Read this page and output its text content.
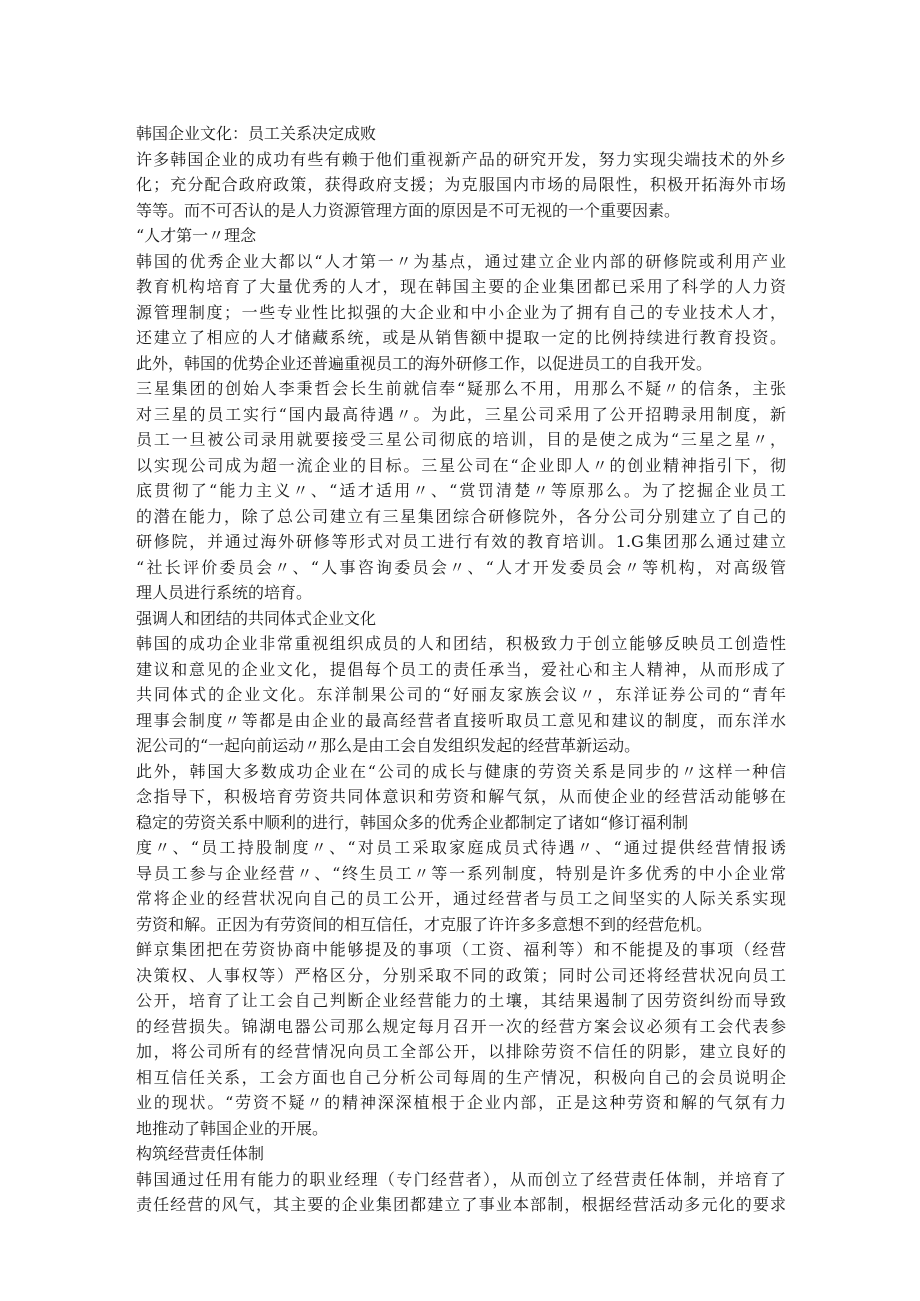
韩国企业文化：员工关系决定成败
许多韩国企业的成功有些有赖于他们重视新产品的研究开发，努力实现尖端技术的外乡
化；充分配合政府政策，获得政府支援；为克服国内市场的局限性，积极开拓海外市场
等等。而不可否认的是人力资源管理方面的原因是不可无视的一个重要因素。
“人才第一〃理念
韩国的优秀企业大都以“人才第一〃为基点，通过建立企业内部的研修院或利用产业
教育机构培育了大量优秀的人才，现在韩国主要的企业集团都已采用了科学的人力资
源管理制度；一些专业性比拟强的大企业和中小企业为了拥有自己的专业技术人才，
还建立了相应的人才储藏系统，或是从销售额中提取一定的比例持续进行教育投资。
此外，韩国的优势企业还普遍重视员工的海外研修工作，以促进员工的自我开发。
三星集团的创始人李秉哲会长生前就信奉“疑那么不用，用那么不疑〃的信条，主张
对三星的员工实行“国内最高待遇〃。为此，三星公司采用了公开招聘录用制度，新
员工一旦被公司录用就要接受三星公司彻底的培训，目的是使之成为“三星之星〃，
以实现公司成为超一流企业的目标。三星公司在“企业即人〃的创业精神指引下，彻
底贯彻了“能力主义〃、“适才适用〃、“赏罚清楚〃等原那么。为了挖掘企业员工
的潜在能力，除了总公司建立有三星集团综合研修院外，各分公司分别建立了自己的
研修院，并通过海外研修等形式对员工进行有效的教育培训。1.G集团那么通过建立
“社长评价委员会〃、“人事咨询委员会〃、“人才开发委员会〃等机构，对高级管
理人员进行系统的培育。
强调人和团结的共同体式企业文化
韩国的成功企业非常重视组织成员的人和团结，积极致力于创立能够反映员工创造性
建议和意见的企业文化，提倡每个员工的责任承当，爱社心和主人精神，从而形成了
共同体式的企业文化。东洋制果公司的“好丽友家族会议〃，东洋证券公司的“青年
理事会制度〃等都是由企业的最高经营者直接听取员工意见和建议的制度，而东洋水
泥公司的“一起向前运动〃那么是由工会自发组织发起的经营革新运动。
此外，韩国大多数成功企业在“公司的成长与健康的劳资关系是同步的〃这样一种信
念指导下，积极培育劳资共同体意识和劳资和解气氛，从而使企业的经营活动能够在
稳定的劳资关系中顺利的进行，韩国众多的优秀企业都制定了诸如“修订福利制
度〃、“员工持股制度〃、“对员工采取家庭成员式待遇〃、“通过提供经营情报诱
导员工参与企业经营〃、“终生员工〃等一系列制度，特别是许多优秀的中小企业常
常将企业的经营状况向自己的员工公开，通过经营者与员工之间坚实的人际关系实现
劳资和解。正因为有劳资间的相互信任，才克服了许许多多意想不到的经营危机。
鲜京集团把在劳资协商中能够提及的事项（工资、福利等）和不能提及的事项（经营
决策权、人事权等）严格区分，分别采取不同的政策；同时公司还将经营状况向员工
公开，培育了让工会自己判断企业经营能力的土壤，其结果遏制了因劳资纠纷而导致
的经营损失。锦湖电器公司那么规定每月召开一次的经营方案会议必须有工会代表参
加，将公司所有的经营情况向员工全部公开，以排除劳资不信任的阴影，建立良好的
相互信任关系，工会方面也自己分析公司每周的生产情况，积极向自己的会员说明企
业的现状。“劳资不疑〃的精神深深植根于企业内部，正是这种劳资和解的气氛有力
地推动了韩国企业的开展。
构筑经营责任体制
韩国通过任用有能力的职业经理（专门经营者），从而创立了经营责任体制，并培育了
责任经营的风气，其主要的企业集团都建立了事业本部制，根据经营活动多元化的要求
